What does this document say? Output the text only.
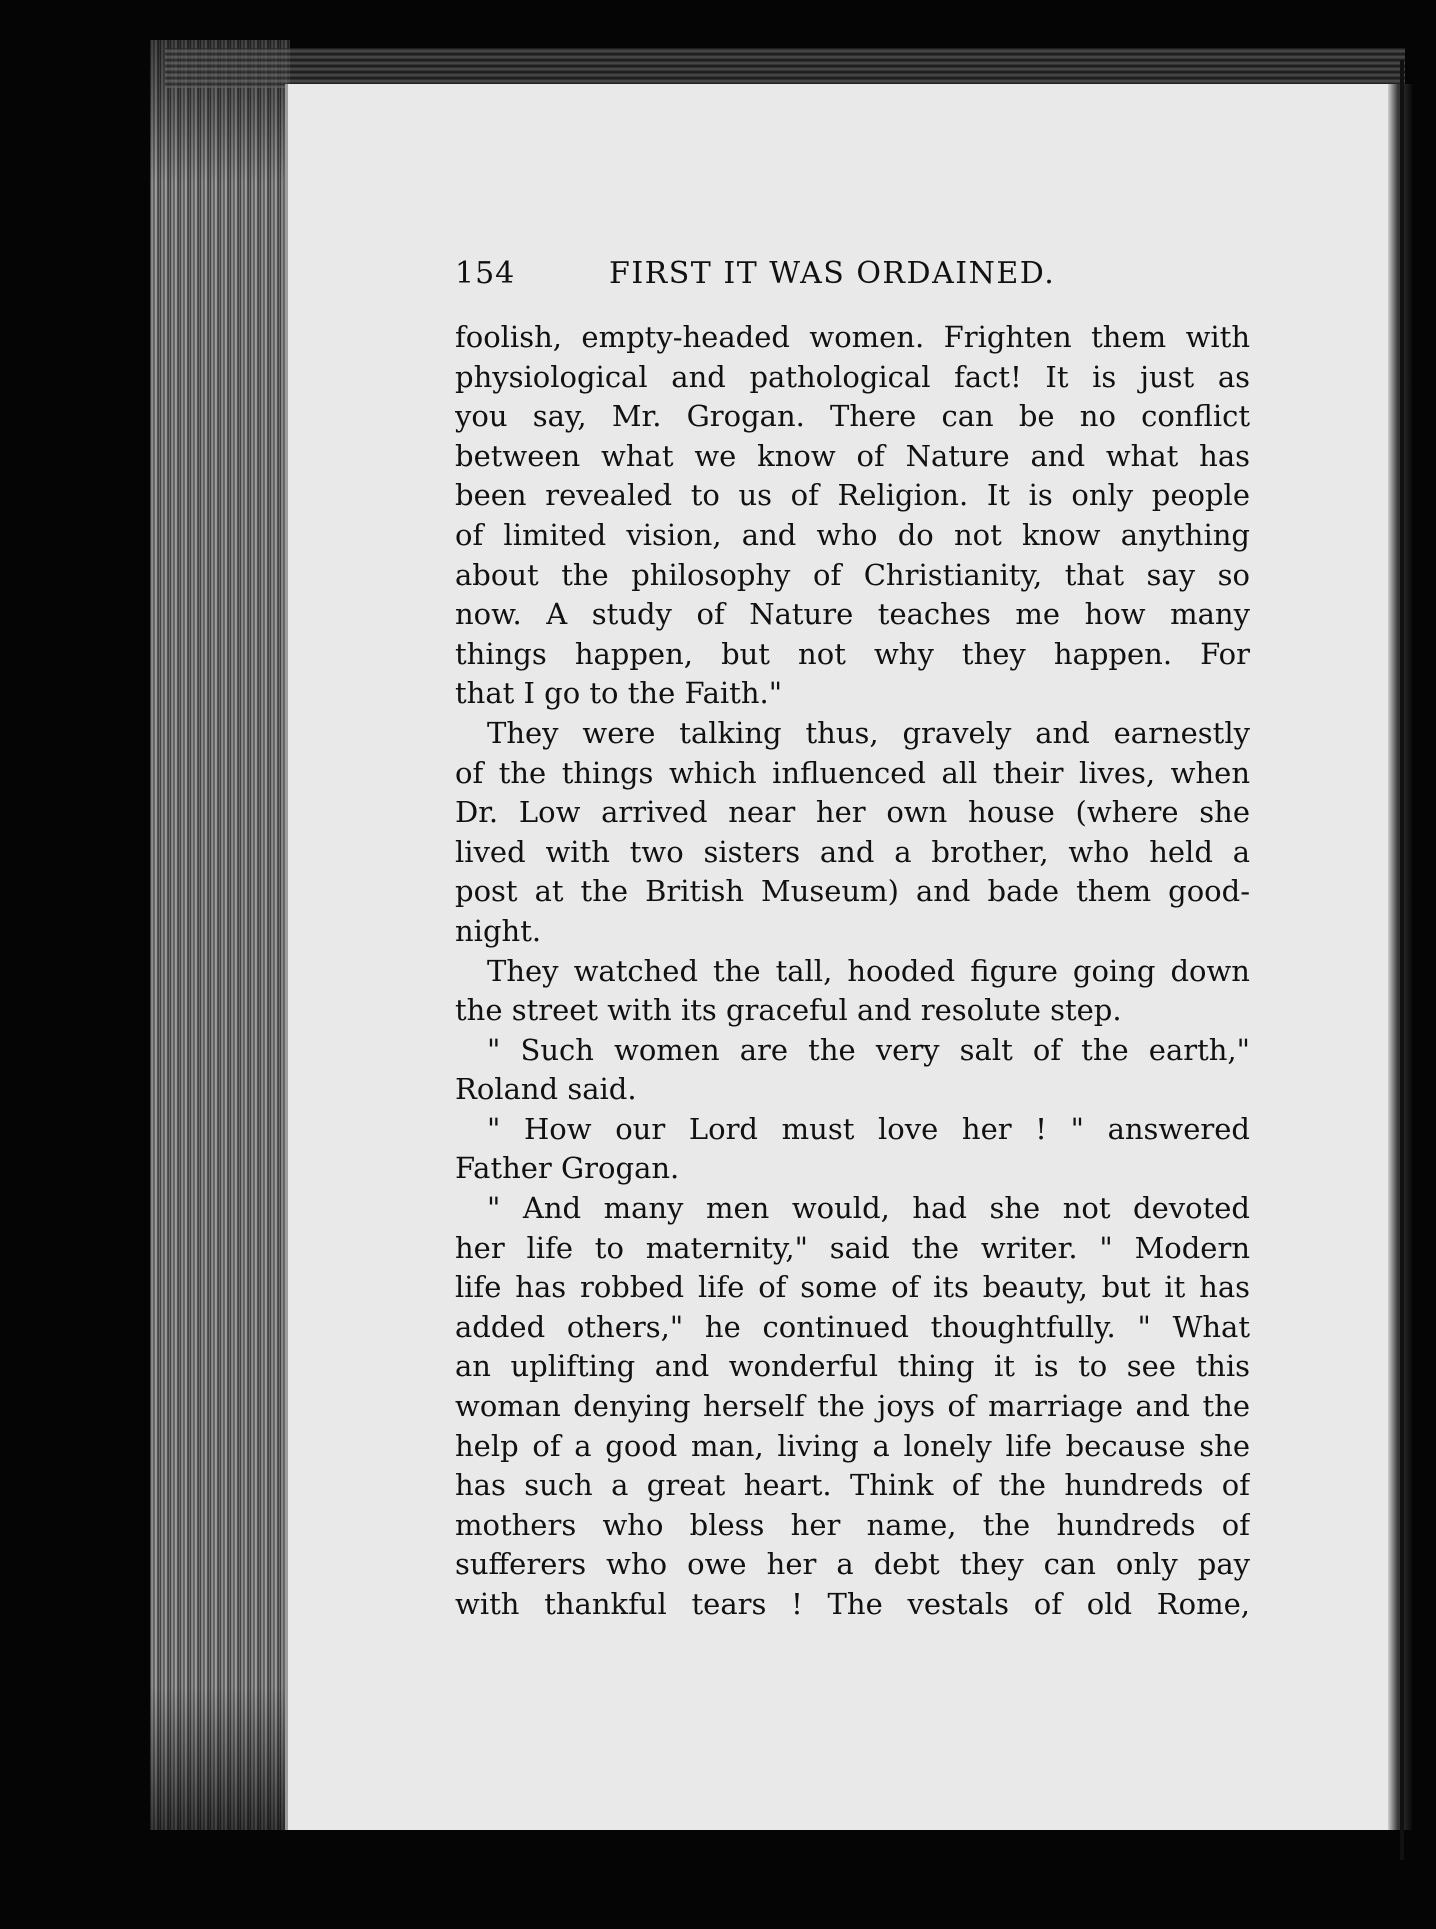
154	FIRST IT WAS ORDAINED.
foolish, empty-headed women. Frighten them with
physiological and pathological fact! It is just as
you say, Mr. Grogan. There can be no conflict
between what we know of Nature and what has
been revealed to us of Religion. It is only people
of limited vision, and who do not know anything
about the philosophy of Christianity, that say so
now. A study of Nature teaches me how many
things happen, but not why they happen. For
that I go to the Faith."
They were talking thus, gravely and earnestly
of the things which influenced all their lives, when
Dr. Low arrived near her own house (where she
lived with two sisters and a brother, who held a
post at the British Museum) and bade them good-
night.
They watched the tall, hooded figure going down
the street with its graceful and resolute step.
" Such women are the very salt of the earth,"
Roland said.
" How our Lord must love her ! " answered
Father Grogan.
" And many men would, had she not devoted
her life to maternity," said the writer. " Modern
life has robbed life of some of its beauty, but it has
added others," he continued thoughtfully. " What
an uplifting and wonderful thing it is to see this
woman denying herself the joys of marriage and the
help of a good man, living a lonely life because she
has such a great heart. Think of the hundreds of
mothers who bless her name, the hundreds of
sufferers who owe her a debt they can only pay
with thankful tears ! The vestals of old Rome,
